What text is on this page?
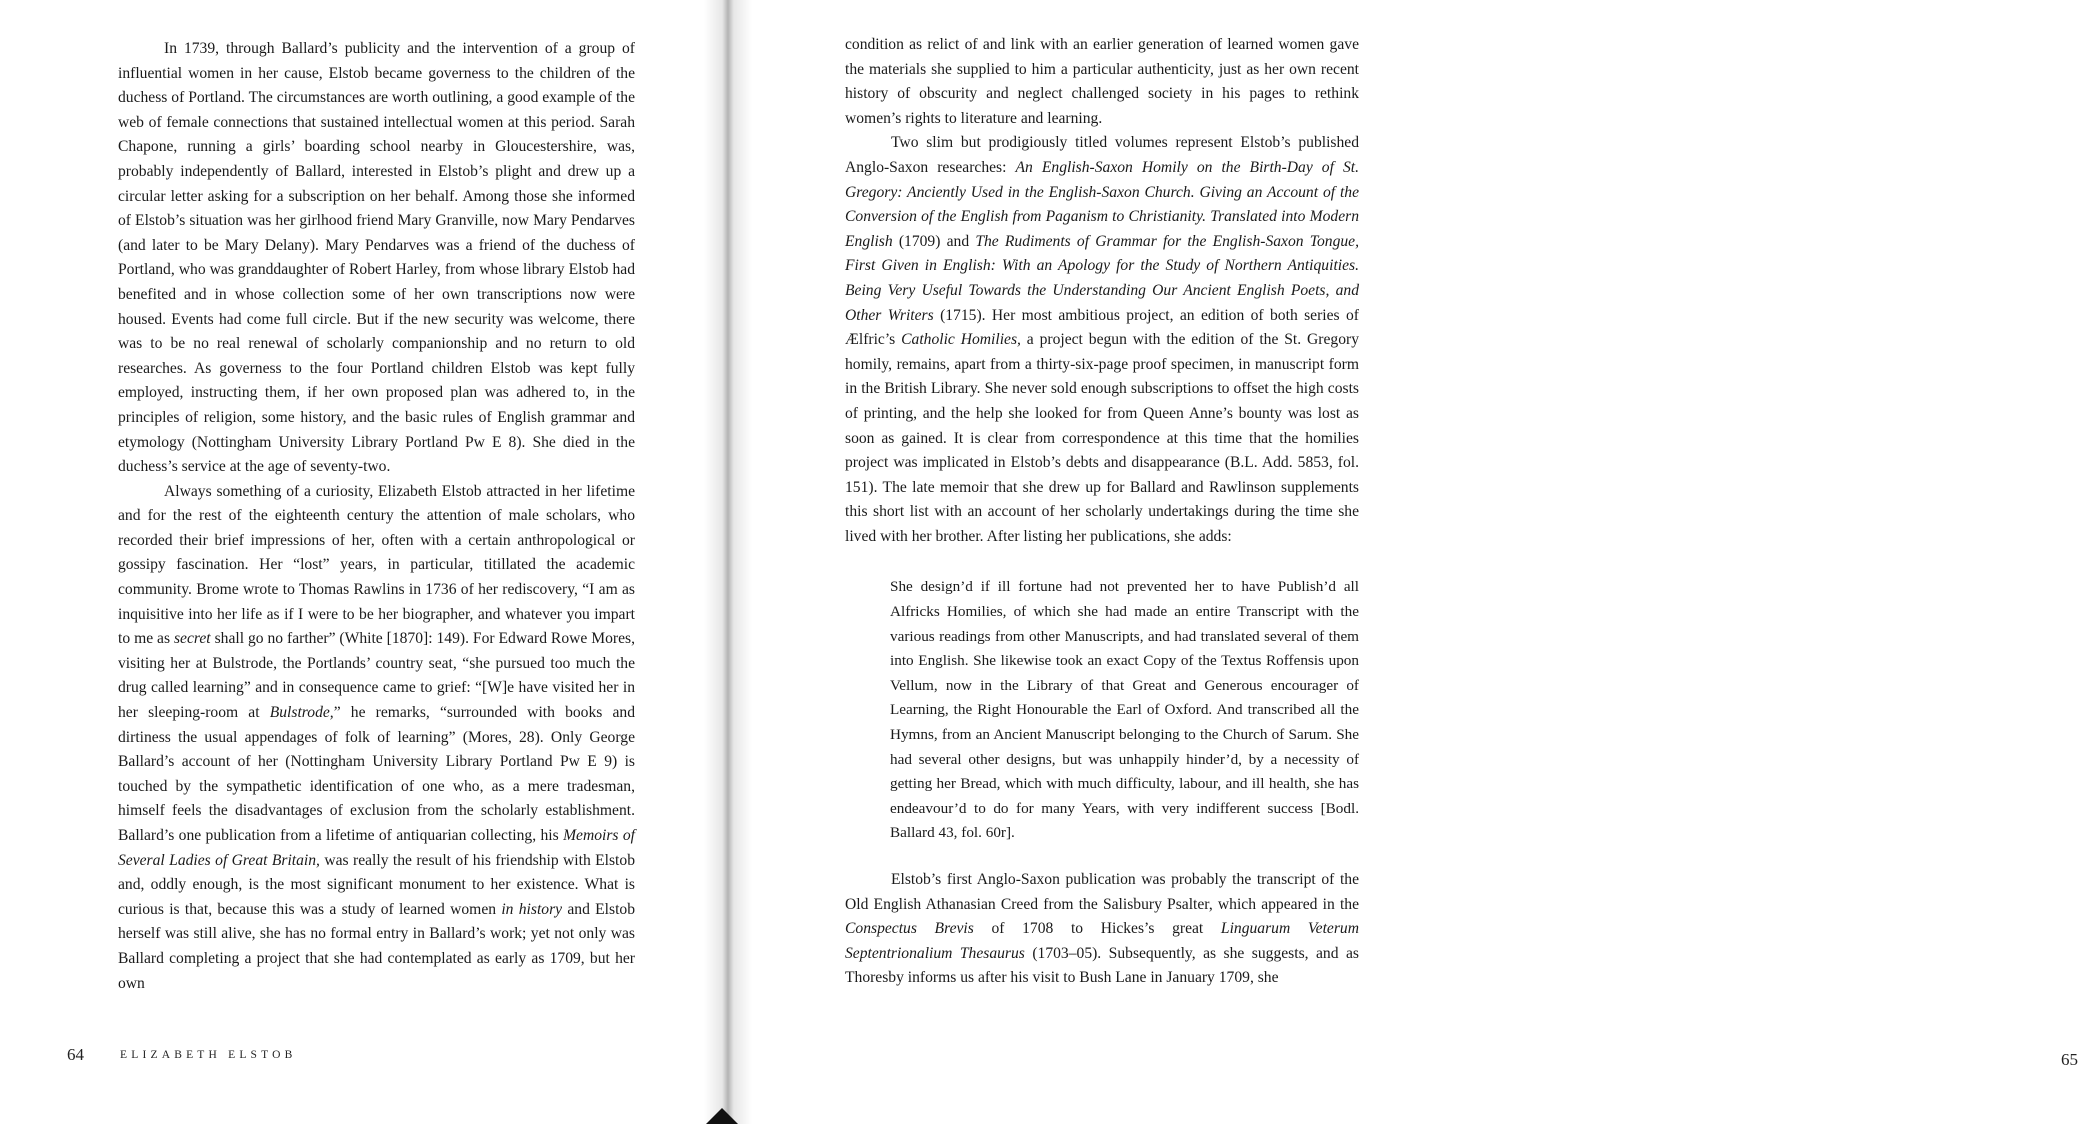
In 1739, through Ballard’s publicity and the intervention of a group of influential women in her cause, Elstob became governess to the children of the duchess of Portland. The circumstances are worth outlining, a good example of the web of female connections that sustained intellectual women at this period. Sarah Chapone, running a girls’ boarding school nearby in Gloucestershire, was, probably independently of Ballard, interested in Elstob’s plight and drew up a circular letter asking for a subscription on her behalf. Among those she informed of Elstob’s situation was her girlhood friend Mary Granville, now Mary Pendarves (and later to be Mary Delany). Mary Pendarves was a friend of the duchess of Portland, who was granddaughter of Robert Harley, from whose library Elstob had benefited and in whose collection some of her own transcriptions now were housed. Events had come full circle. But if the new security was welcome, there was to be no real renewal of scholarly companionship and no return to old researches. As governess to the four Portland children Elstob was kept fully employed, instructing them, if her own proposed plan was adhered to, in the principles of religion, some history, and the basic rules of English grammar and etymology (Nottingham University Library Portland Pw E 8). She died in the duchess’s service at the age of seventy-two.

Always something of a curiosity, Elizabeth Elstob attracted in her lifetime and for the rest of the eighteenth century the attention of male scholars, who recorded their brief impressions of her, often with a certain anthropological or gossipy fascination. Her “lost” years, in particular, titillated the academic community. Brome wrote to Thomas Rawlins in 1736 of her rediscovery, “I am as inquisitive into her life as if I were to be her biographer, and whatever you impart to me as secret shall go no farther” (White [1870]: 149). For Edward Rowe Mores, visiting her at Bulstrode, the Portlands’ country seat, “she pursued too much the drug called learning” and in consequence came to grief: “[W]e have visited her in her sleeping-room at Bulstrode,” he remarks, “surrounded with books and dirtiness the usual appendages of folk of learning” (Mores, 28). Only George Ballard’s account of her (Nottingham University Library Portland Pw E 9) is touched by the sympathetic identification of one who, as a mere tradesman, himself feels the disadvantages of exclusion from the scholarly establishment. Ballard’s one publication from a lifetime of antiquarian collecting, his Memoirs of Several Ladies of Great Britain, was really the result of his friendship with Elstob and, oddly enough, is the most significant monument to her existence. What is curious is that, because this was a study of learned women in history and Elstob herself was still alive, she has no formal entry in Ballard’s work; yet not only was Ballard completing a project that she had contemplated as early as 1709, but her own

64	ELIZABETH ELSTOB	65

condition as relict of and link with an earlier generation of learned women gave the materials she supplied to him a particular authenticity, just as her own recent history of obscurity and neglect challenged society in his pages to rethink women’s rights to literature and learning.

Two slim but prodigiously titled volumes represent Elstob’s published Anglo-Saxon researches: An English-Saxon Homily on the Birth-Day of St. Gregory: Anciently Used in the English-Saxon Church. Giving an Account of the Conversion of the English from Paganism to Christianity. Translated into Modern English (1709) and The Rudiments of Grammar for the English-Saxon Tongue, First Given in English: With an Apology for the Study of Northern Antiquities. Being Very Useful Towards the Understanding Our Ancient English Poets, and Other Writers (1715). Her most ambitious project, an edition of both series of Ælfric’s Catholic Homilies, a project begun with the edition of the St. Gregory homily, remains, apart from a thirty-six-page proof specimen, in manuscript form in the British Library. She never sold enough subscriptions to offset the high costs of printing, and the help she looked for from Queen Anne’s bounty was lost as soon as gained. It is clear from correspondence at this time that the homilies project was implicated in Elstob’s debts and disappearance (B.L. Add. 5853, fol. 151). The late memoir that she drew up for Ballard and Rawlinson supplements this short list with an account of her scholarly undertakings during the time she lived with her brother. After listing her publications, she adds:

She design’d if ill fortune had not prevented her to have Publish’d all Alfricks Homilies, of which she had made an entire Transcript with the various readings from other Manuscripts, and had translated several of them into English. She likewise took an exact Copy of the Textus Roffensis upon Vellum, now in the Library of that Great and Generous encourager of Learning, the Right Honourable the Earl of Oxford. And transcribed all the Hymns, from an Ancient Manuscript belonging to the Church of Sarum. She had several other designs, but was unhappily hinder’d, by a necessity of getting her Bread, which with much difficulty, labour, and ill health, she has endeavour’d to do for many Years, with very indifferent success [Bodl. Ballard 43, fol. 60r].

Elstob’s first Anglo-Saxon publication was probably the transcript of the Old English Athanasian Creed from the Salisbury Psalter, which appeared in the Conspectus Brevis of 1708 to Hickes’s great Linguarum Veterum Septentrionalium Thesaurus (1703–05). Subsequently, as she suggests, and as Thoresby informs us after his visit to Bush Lane in January 1709, she
